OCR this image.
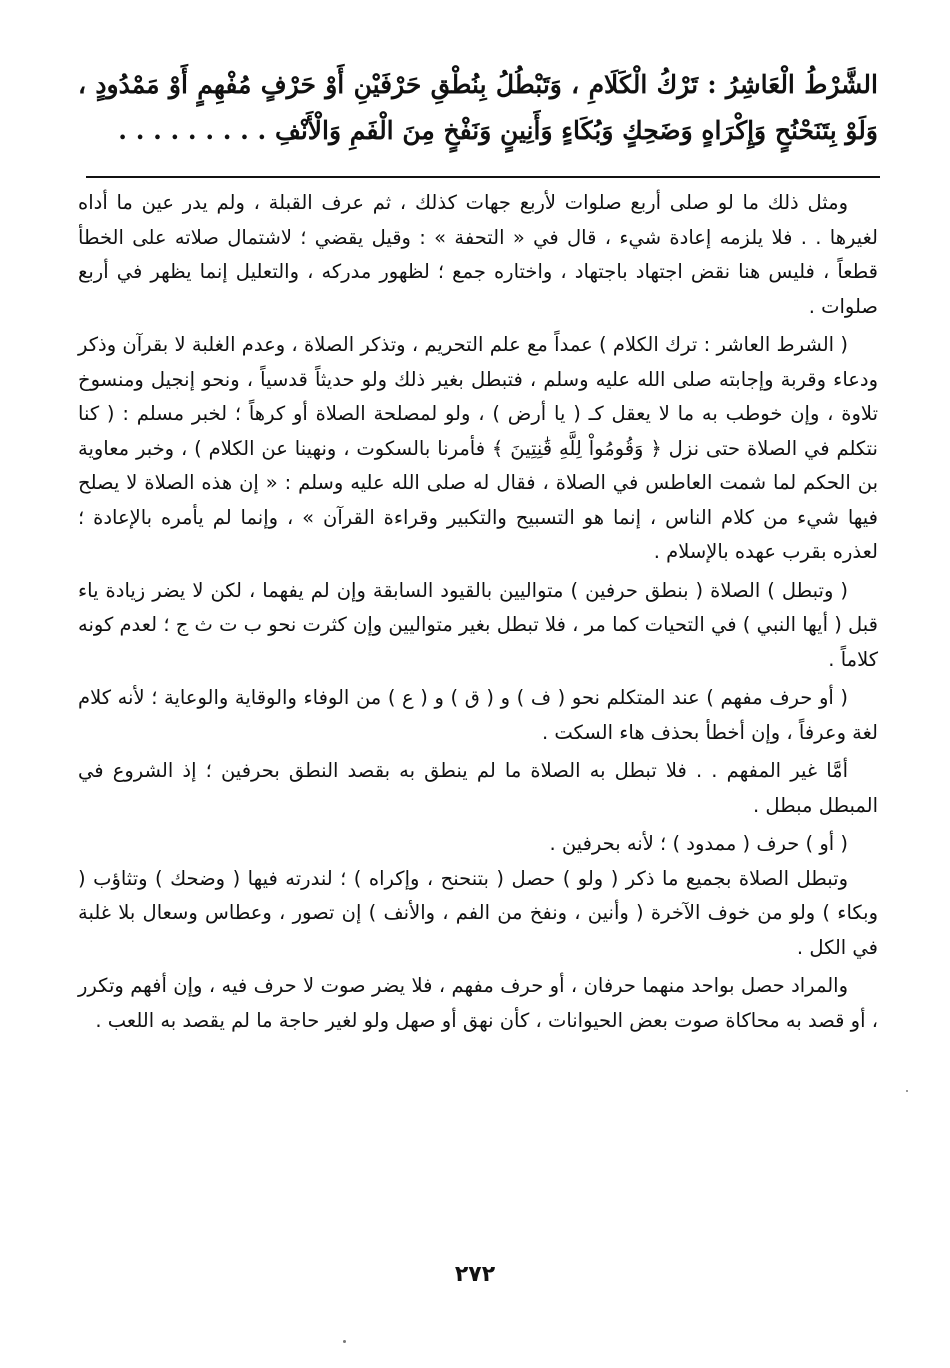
الشَّرْطُ الْعَاشِرُ : تَرْكُ الْكَلَامِ ، وَتَبْطُلُ بِنُطْقِ حَرْفَيْنِ أَوْ حَرْفٍ مُفْهِمٍ أَوْ مَمْدُودٍ ، وَلَوْ بِتَنَحْنُحٍ وَإِكْرَاهٍ وَضَحِكٍ وَبُكَاءٍ وَأَنِينٍ وَنَفْخٍ مِنَ الْفَمِ وَالْأَنْفِ . . . . . . . . .

ومثل ذلك ما لو صلى أربع صلوات لأربع جهات كذلك ، ثم عرف القبلة ، ولم يدر عين ما أداه لغيرها . . فلا يلزمه إعادة شيء ، قال في « التحفة » : وقيل يقضي ؛ لاشتمال صلاته على الخطأ قطعاً ، فليس هنا نقض اجتهاد باجتهاد ، واختاره جمع ؛ لظهور مدركه ، والتعليل إنما يظهر في أربع صلوات .

( الشرط العاشر : ترك الكلام ) عمداً مع علم التحريم ، وتذكر الصلاة ، وعدم الغلبة لا بقرآن وذكر ودعاء وقربة وإجابته صلى الله عليه وسلم ، فتبطل بغير ذلك ولو حديثاً قدسياً ، ونحو إنجيل ومنسوخ تلاوة ، وإن خوطب به ما لا يعقل كـ ( يا أرض ) ، ولو لمصلحة الصلاة أو كرهاً ؛ لخبر مسلم : ( كنا نتكلم في الصلاة حتى نزل ﴿ وَقُومُواْ لِلَّهِ قَٰنِتِينَ ﴾ فأمرنا بالسكوت ، ونهينا عن الكلام ) ، وخبر معاوية بن الحكم لما شمت العاطس في الصلاة ، فقال له صلى الله عليه وسلم : « إن هذه الصلاة لا يصلح فيها شيء من كلام الناس ، إنما هو التسبيح والتكبير وقراءة القرآن » ، وإنما لم يأمره بالإعادة ؛ لعذره بقرب عهده بالإسلام .

( وتبطل ) الصلاة ( بنطق حرفين ) متواليين بالقيود السابقة وإن لم يفهما ، لكن لا يضر زيادة ياء قبل ( أيها النبي ) في التحيات كما مر ، فلا تبطل بغير متواليين وإن كثرت نحو ب ت ث ج ؛ لعدم كونه كلاماً .

( أو حرف مفهم ) عند المتكلم نحو ( ف ) و ( ق ) و ( ع ) من الوفاء والوقاية والوعاية ؛ لأنه كلام لغة وعرفاً ، وإن أخطأ بحذف هاء السكت .

أمَّا غير المفهم . . فلا تبطل به الصلاة ما لم ينطق به بقصد النطق بحرفين ؛ إذ الشروع في المبطل مبطل .

( أو ) حرف ( ممدود ) ؛ لأنه بحرفين .

وتبطل الصلاة بجميع ما ذكر ( ولو ) حصل ( بتنحنح ، وإكراه ) ؛ لندرته فيها ( وضحك ) وتثاؤب ( وبكاء ) ولو من خوف الآخرة ( وأنين ، ونفخ من الفم ، والأنف ) إن تصور ، وعطاس وسعال بلا غلبة في الكل .

والمراد حصل بواحد منهما حرفان ، أو حرف مفهم ، فلا يضر صوت لا حرف فيه ، وإن أفهم وتكرر ، أو قصد به محاكاة صوت بعض الحيوانات ، كأن نهق أو صهل ولو لغير حاجة ما لم يقصد به اللعب .

٢٧٢
